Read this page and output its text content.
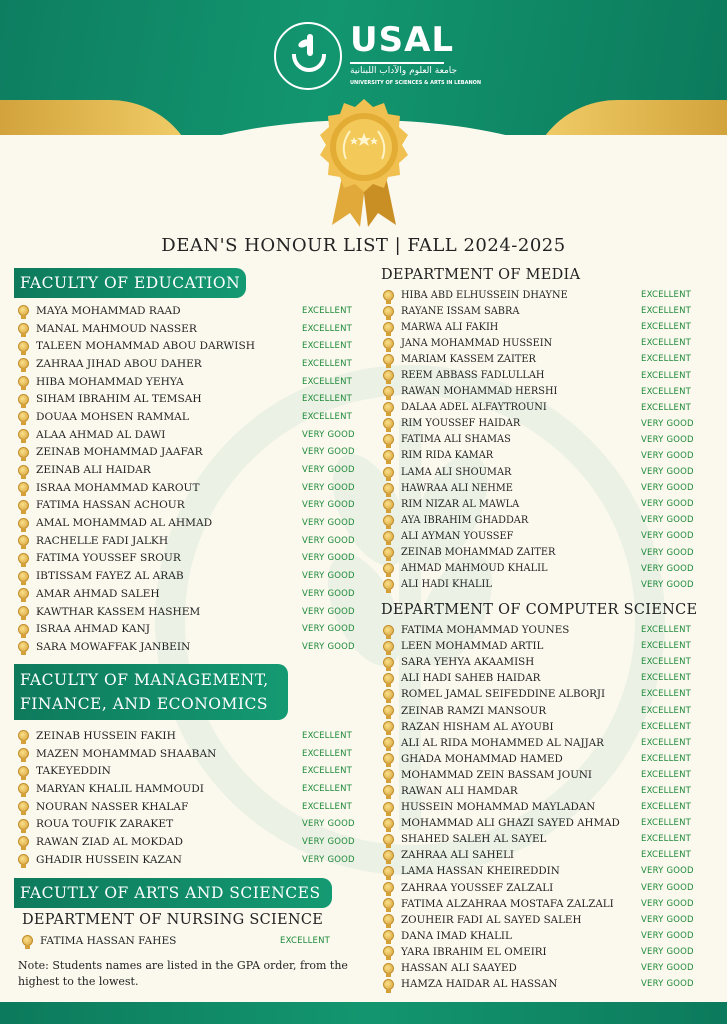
USAL
جامعة العلوم والآداب اللبنانية
UNIVERSITY OF SCIENCES & ARTS IN LEBANON
DEAN'S HONOUR LIST | FALL 2024-2025
FACULTY OF EDUCATION
MAYA MOHAMMAD RAAD	EXCELLENT
MANAL MAHMOUD NASSER	EXCELLENT
TALEEN MOHAMMAD ABOU DARWISH	EXCELLENT
ZAHRAA JIHAD ABOU DAHER	EXCELLENT
HIBA MOHAMMAD YEHYA	EXCELLENT
SIHAM IBRAHIM AL TEMSAH	EXCELLENT
DOUAA MOHSEN RAMMAL	EXCELLENT
ALAA AHMAD AL DAWI	VERY GOOD
ZEINAB MOHAMMAD JAAFAR	VERY GOOD
ZEINAB ALI HAIDAR	VERY GOOD
ISRAA MOHAMMAD KAROUT	VERY GOOD
FATIMA HASSAN ACHOUR	VERY GOOD
AMAL MOHAMMAD AL AHMAD	VERY GOOD
RACHELLE FADI JALKH	VERY GOOD
FATIMA YOUSSEF SROUR	VERY GOOD
IBTISSAM FAYEZ AL ARAB	VERY GOOD
AMAR AHMAD SALEH	VERY GOOD
KAWTHAR KASSEM HASHEM	VERY GOOD
ISRAA AHMAD KANJ	VERY GOOD
SARA MOWAFFAK JANBEIN	VERY GOOD
FACULTY OF MANAGEMENT,
FINANCE, AND ECONOMICS
ZEINAB HUSSEIN FAKIH	EXCELLENT
MAZEN MOHAMMAD SHAABAN	EXCELLENT
TAKEYEDDIN	EXCELLENT
MARYAN KHALIL HAMMOUDI	EXCELLENT
NOURAN NASSER KHALAF	EXCELLENT
ROUA TOUFIK ZARAKET	VERY GOOD
RAWAN ZIAD AL MOKDAD	VERY GOOD
GHADIR HUSSEIN KAZAN	VERY GOOD
FACUTLY OF ARTS AND SCIENCES
DEPARTMENT OF NURSING SCIENCE
FATIMA HASSAN FAHES	EXCELLENT
Note: Students names are listed in the GPA order, from the highest to the lowest.
DEPARTMENT OF MEDIA
HIBA ABD ELHUSSEIN DHAYNE	EXCELLENT
RAYANE ISSAM SABRA	EXCELLENT
MARWA ALI FAKIH	EXCELLENT
JANA MOHAMMAD HUSSEIN	EXCELLENT
MARIAM KASSEM ZAITER	EXCELLENT
REEM ABBASS FADLULLAH	EXCELLENT
RAWAN MOHAMMAD HERSHI	EXCELLENT
DALAA ADEL ALFAYTROUNI	EXCELLENT
RIM YOUSSEF HAIDAR	VERY GOOD
FATIMA ALI SHAMAS	VERY GOOD
RIM RIDA KAMAR	VERY GOOD
LAMA ALI SHOUMAR	VERY GOOD
HAWRAA ALI NEHME	VERY GOOD
RIM NIZAR AL MAWLA	VERY GOOD
AYA IBRAHIM GHADDAR	VERY GOOD
ALI AYMAN YOUSSEF	VERY GOOD
ZEINAB MOHAMMAD ZAITER	VERY GOOD
AHMAD MAHMOUD KHALIL	VERY GOOD
ALI HADI KHALIL	VERY GOOD
DEPARTMENT OF COMPUTER SCIENCE
FATIMA MOHAMMAD YOUNES	EXCELLENT
LEEN MOHAMMAD ARTIL	EXCELLENT
SARA YEHYA AKAAMISH	EXCELLENT
ALI HADI SAHEB HAIDAR	EXCELLENT
ROMEL JAMAL SEIFEDDINE ALBORJI	EXCELLENT
ZEINAB RAMZI MANSOUR	EXCELLENT
RAZAN HISHAM AL AYOUBI	EXCELLENT
ALI AL RIDA MOHAMMED AL NAJJAR	EXCELLENT
GHADA MOHAMMAD HAMED	EXCELLENT
MOHAMMAD ZEIN BASSAM JOUNI	EXCELLENT
RAWAN ALI HAMDAR	EXCELLENT
HUSSEIN MOHAMMAD MAYLADAN	EXCELLENT
MOHAMMAD ALI GHAZI SAYED AHMAD EXCELLENT
SHAHED SALEH AL SAYEL	EXCELLENT
ZAHRAA ALI SAHELI	EXCELLENT
LAMA HASSAN KHEIREDDIN	VERY GOOD
ZAHRAA YOUSSEF ZALZALI	VERY GOOD
FATIMA ALZAHRAA MOSTAFA ZALZALI	VERY GOOD
ZOUHEIR FADI AL SAYED SALEH	VERY GOOD
DANA IMAD KHALIL	VERY GOOD
YARA IBRAHIM EL OMEIRI	VERY GOOD
HASSAN ALI SAAYED	VERY GOOD
HAMZA HAIDAR AL HASSAN	VERY GOOD
